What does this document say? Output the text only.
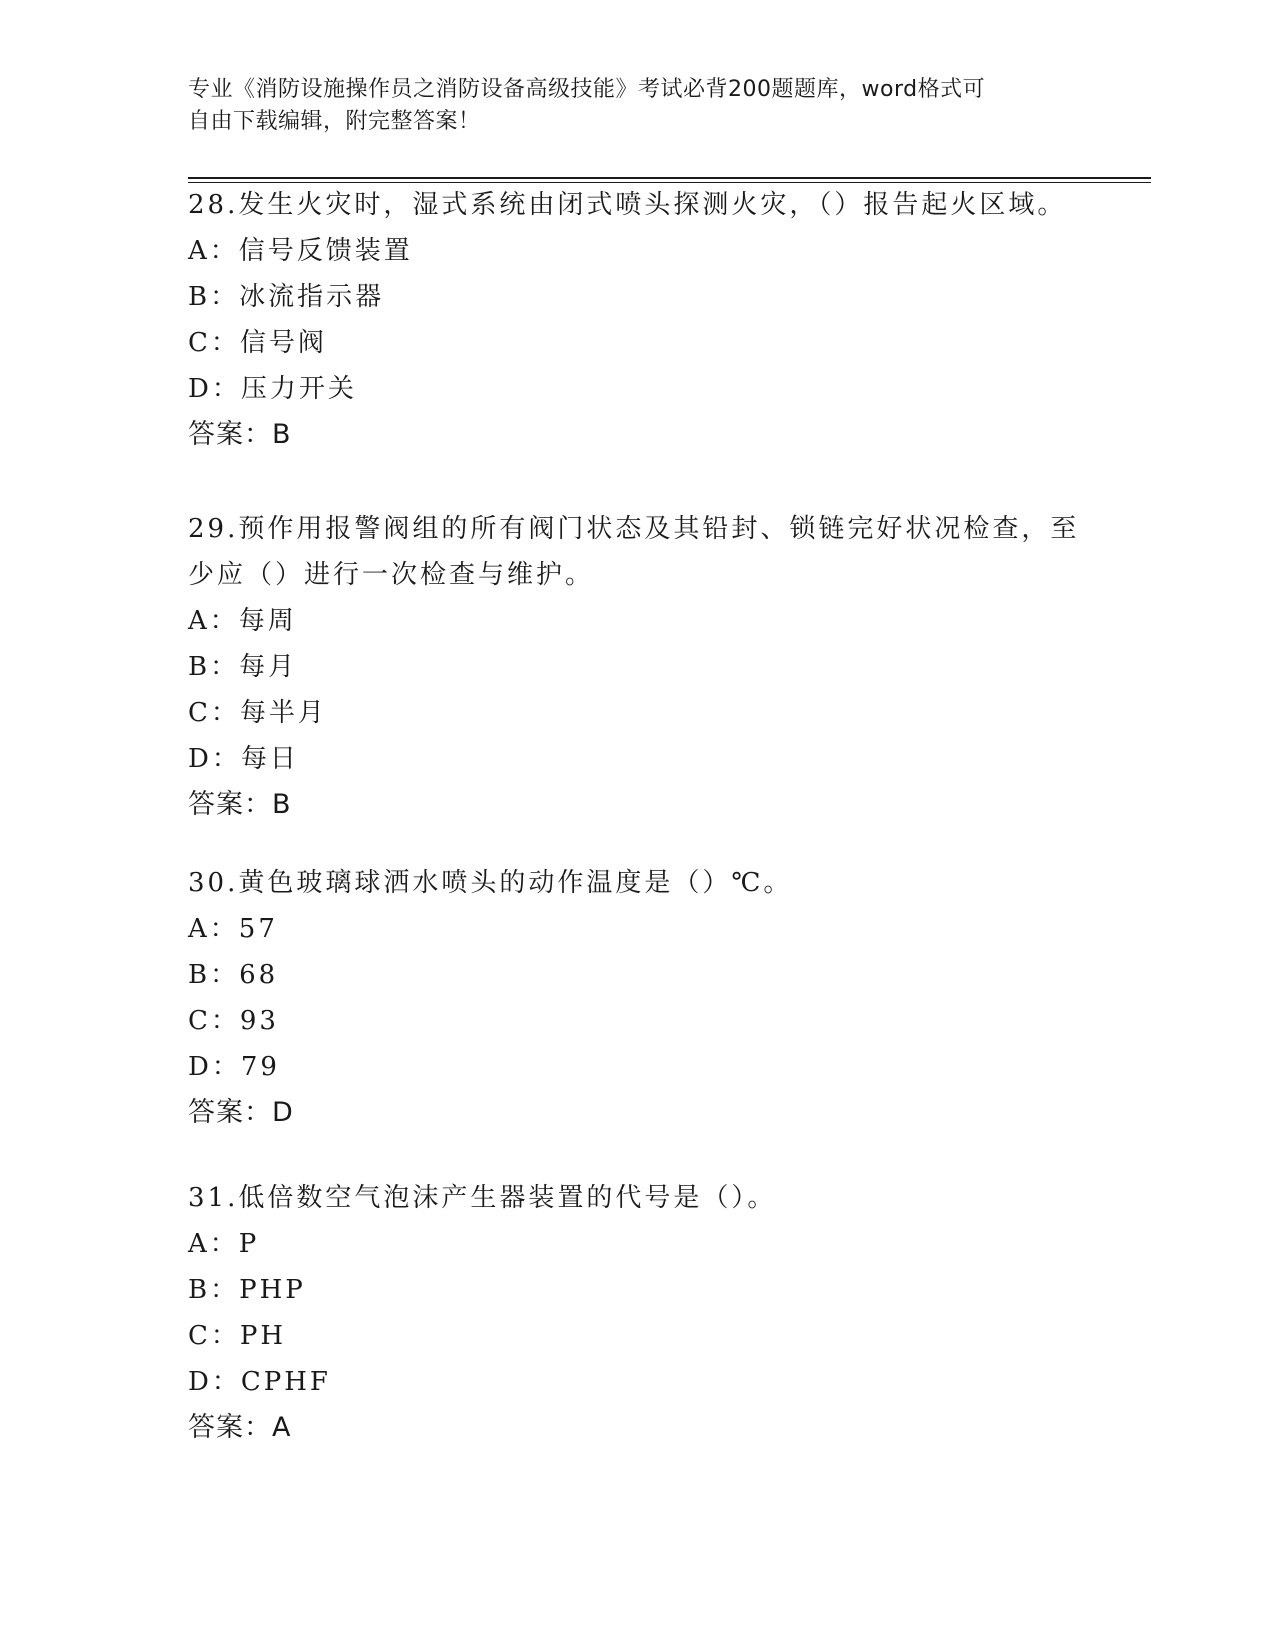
专业《消防设施操作员之消防设备高级技能》考试必背200题题库，word格式可
自由下载编辑，附完整答案！
28.发生火灾时，湿式系统由闭式喷头探测火灾，（）报告起火区域。
A：信号反馈装置
B：冰流指示器
C：信号阀
D：压力开关
答案：B
29.预作用报警阀组的所有阀门状态及其铅封、锁链完好状况检查，至
少应（）进行一次检查与维护。
A：每周
B：每月
C：每半月
D：每日
答案：B
30.黄色玻璃球洒水喷头的动作温度是（）℃。
A：57
B：68
C：93
D：79
答案：D
31.低倍数空气泡沫产生器装置的代号是（）。
A：P
B：PHP
C：PH
D：CPHF
答案：A
